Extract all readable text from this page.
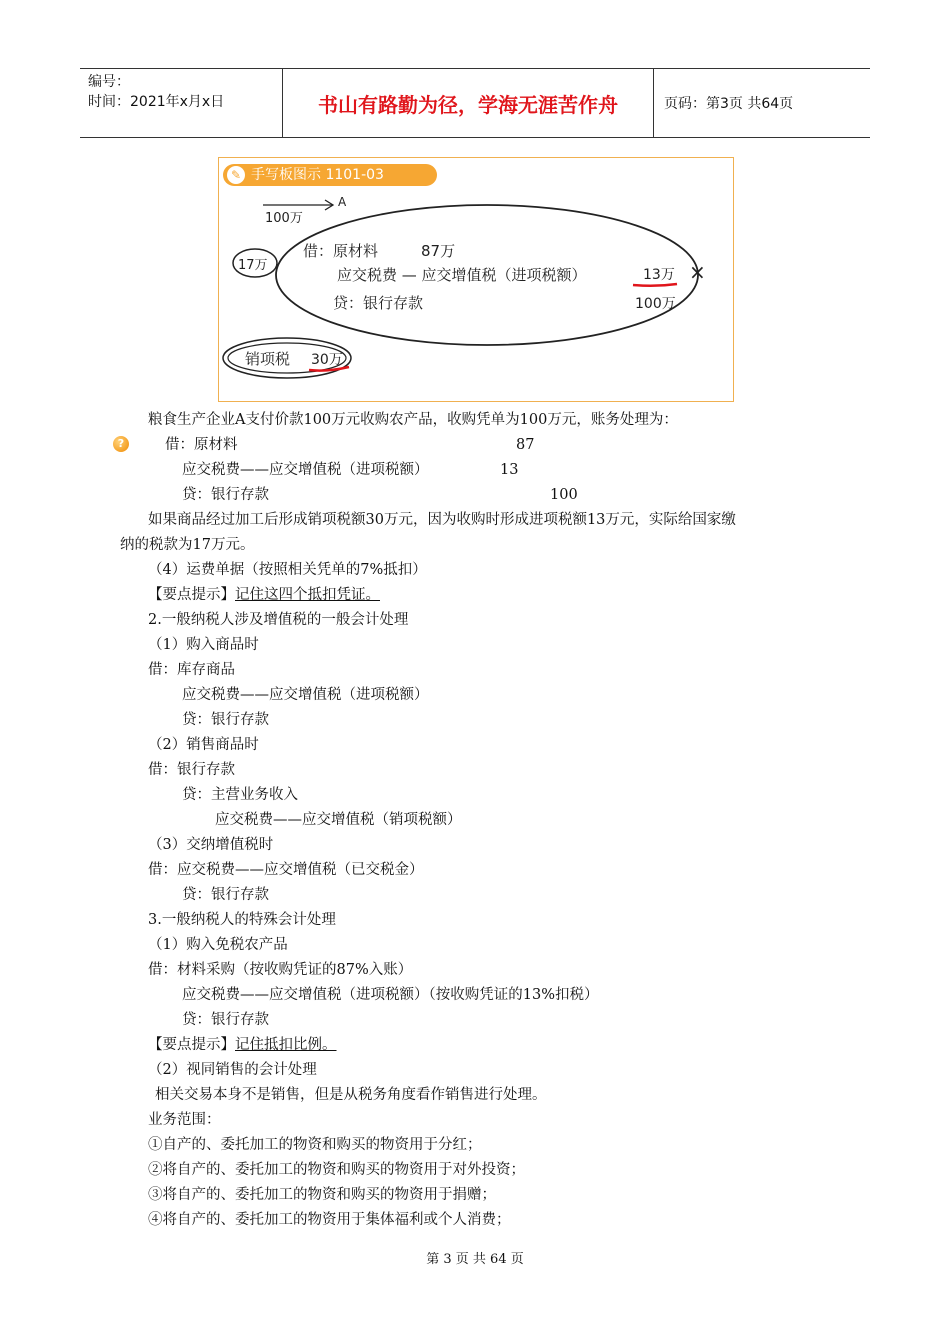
编号：
时间：2021年x月x日	书山有路勤为径，学海无涯苦作舟	页码：第3页 共64页
✎ 手写板图示 1101-03
100万
A
17万
借：原材料	87万
应交税费 — 应交增值税（进项税额）	13万 ×
贷：银行存款	100万
销项税 30万
粮食生产企业A支付价款100万元收购农产品，收购凭单为100万元，账务处理为：
?	借：原材料	87
应交税费——应交增值税（进项税额）	13
贷：银行存款	100
如果商品经过加工后形成销项税额30万元，因为收购时形成进项税额13万元，实际给国家缴
纳的税款为17万元。
（4）运费单据（按照相关凭单的7%抵扣）
【要点提示】记住这四个抵扣凭证。
2.一般纳税人涉及增值税的一般会计处理
（1）购入商品时
借：库存商品
应交税费——应交增值税（进项税额）
贷：银行存款
（2）销售商品时
借：银行存款
贷：主营业务收入
应交税费——应交增值税（销项税额）
（3）交纳增值税时
借：应交税费——应交增值税（已交税金）
贷：银行存款
3.一般纳税人的特殊会计处理
（1）购入免税农产品
借：材料采购（按收购凭证的87%入账）
应交税费——应交增值税（进项税额）（按收购凭证的13%扣税）
贷：银行存款
【要点提示】记住抵扣比例。
（2）视同销售的会计处理
相关交易本身不是销售，但是从税务角度看作销售进行处理。
业务范围：
①自产的、委托加工的物资和购买的物资用于分红；
②将自产的、委托加工的物资和购买的物资用于对外投资；
③将自产的、委托加工的物资和购买的物资用于捐赠；
④将自产的、委托加工的物资用于集体福利或个人消费；
第 3 页 共 64 页
